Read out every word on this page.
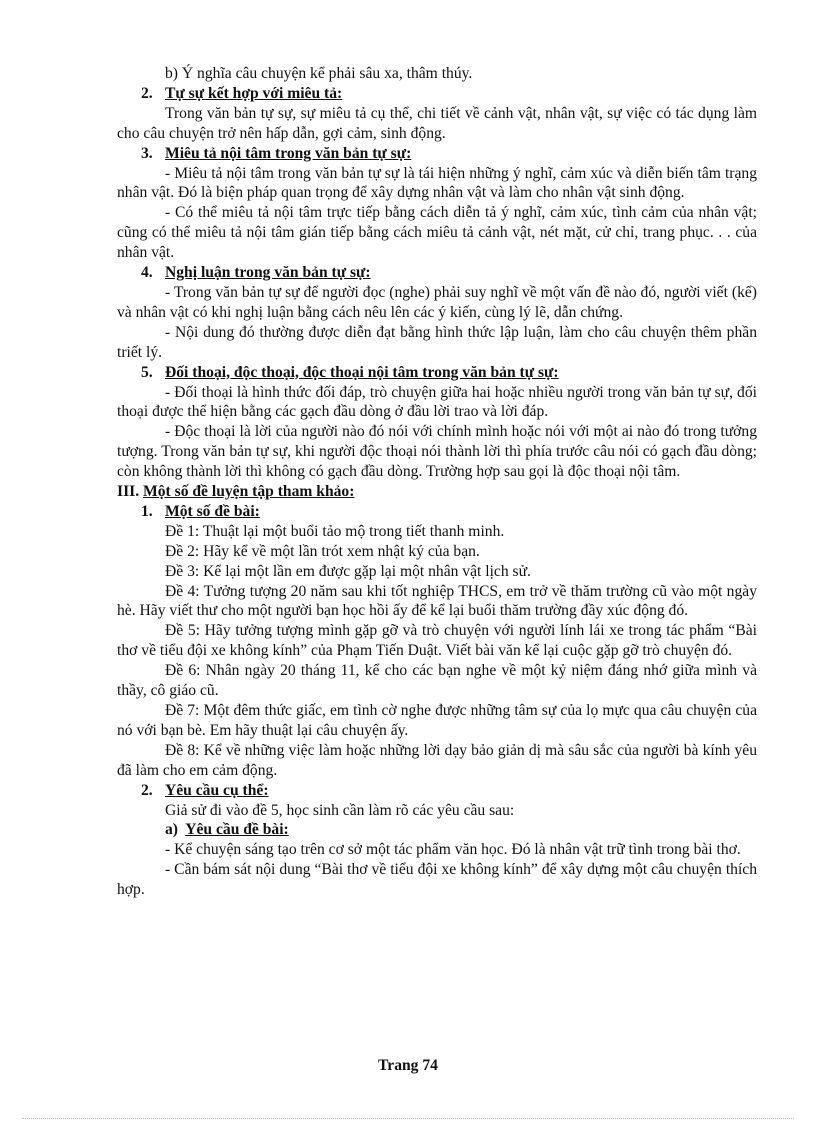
b) Ý nghĩa câu chuyện kể phải sâu xa, thâm thúy.

2. Tự sự kết hợp với miêu tả:

Trong văn bản tự sự, sự miêu tả cụ thể, chi tiết về cảnh vật, nhân vật, sự việc có tác dụng làm cho câu chuyện trở nên hấp dẫn, gợi cảm, sinh động.

3. Miêu tả nội tâm trong văn bản tự sự:

- Miêu tả nội tâm trong văn bản tự sự là tái hiện những ý nghĩ, cảm xúc và diễn biến tâm trạng nhân vật. Đó là biện pháp quan trọng để xây dựng nhân vật và làm cho nhân vật sinh động.

- Có thể miêu tả nội tâm trực tiếp bằng cách diễn tả ý nghĩ, cảm xúc, tình cảm của nhân vật; cũng có thể miêu tả nội tâm gián tiếp bằng cách miêu tả cảnh vật, nét mặt, cử chỉ, trang phục. . . của nhân vật.

4. Nghị luận trong văn bản tự sự:

- Trong văn bản tự sự để người đọc (nghe) phải suy nghĩ về một vấn đề nào đó, người viết (kể) và nhân vật có khi nghị luận bằng cách nêu lên các ý kiến, cùng lý lẽ, dẫn chứng.

- Nội dung đó thường được diễn đạt bằng hình thức lập luận, làm cho câu chuyện thêm phần triết lý.

5. Đối thoại, độc thoại, độc thoại nội tâm trong văn bản tự sự:

- Đối thoại là hình thức đối đáp, trò chuyện giữa hai hoặc nhiều người trong văn bản tự sự, đối thoại được thể hiện bằng các gạch đầu dòng ở đầu lời trao và lời đáp.

- Độc thoại là lời của người nào đó nói với chính mình hoặc nói với một ai nào đó trong tưởng tượng. Trong văn bản tự sự, khi người độc thoại nói thành lời thì phía trước câu nói có gạch đầu dòng; còn không thành lời thì không có gạch đầu dòng. Trường hợp sau gọi là độc thoại nội tâm.

III. Một số đề luyện tập tham khảo:

1. Một số đề bài:

Đề 1: Thuật lại một buổi tảo mộ trong tiết thanh minh.

Đề 2: Hãy kể về một lần trót xem nhật ký của bạn.

Đề 3: Kể lại một lần em được gặp lại một nhân vật lịch sử.

Đề 4: Tưởng tượng 20 năm sau khi tốt nghiệp THCS, em trở về thăm trường cũ vào một ngày hè. Hãy viết thư cho một người bạn học hồi ấy để kể lại buổi thăm trường đầy xúc động đó.

Đề 5: Hãy tưởng tượng mình gặp gỡ và trò chuyện với người lính lái xe trong tác phẩm “Bài thơ về tiểu đội xe không kính” của Phạm Tiến Duật. Viết bài văn kể lại cuộc gặp gỡ trò chuyện đó.

Đề 6: Nhân ngày 20 tháng 11, kể cho các bạn nghe về một kỷ niệm đáng nhớ giữa mình và thầy, cô giáo cũ.

Đề 7: Một đêm thức giấc, em tình cờ nghe được những tâm sự của lọ mực qua câu chuyện của nó với bạn bè. Em hãy thuật lại câu chuyện ấy.

Đề 8: Kể về những việc làm hoặc những lời dạy bảo giản dị mà sâu sắc của người bà kính yêu đã làm cho em cảm động.

2. Yêu cầu cụ thể:

Giả sử đi vào đề 5, học sinh cần làm rõ các yêu cầu sau:

a) Yêu cầu đề bài:

- Kể chuyện sáng tạo trên cơ sở một tác phẩm văn học. Đó là nhân vật trữ tình trong bài thơ.

- Cần bám sát nội dung “Bài thơ về tiểu đội xe không kính” để xây dựng một câu chuyện thích hợp.

Trang 74
